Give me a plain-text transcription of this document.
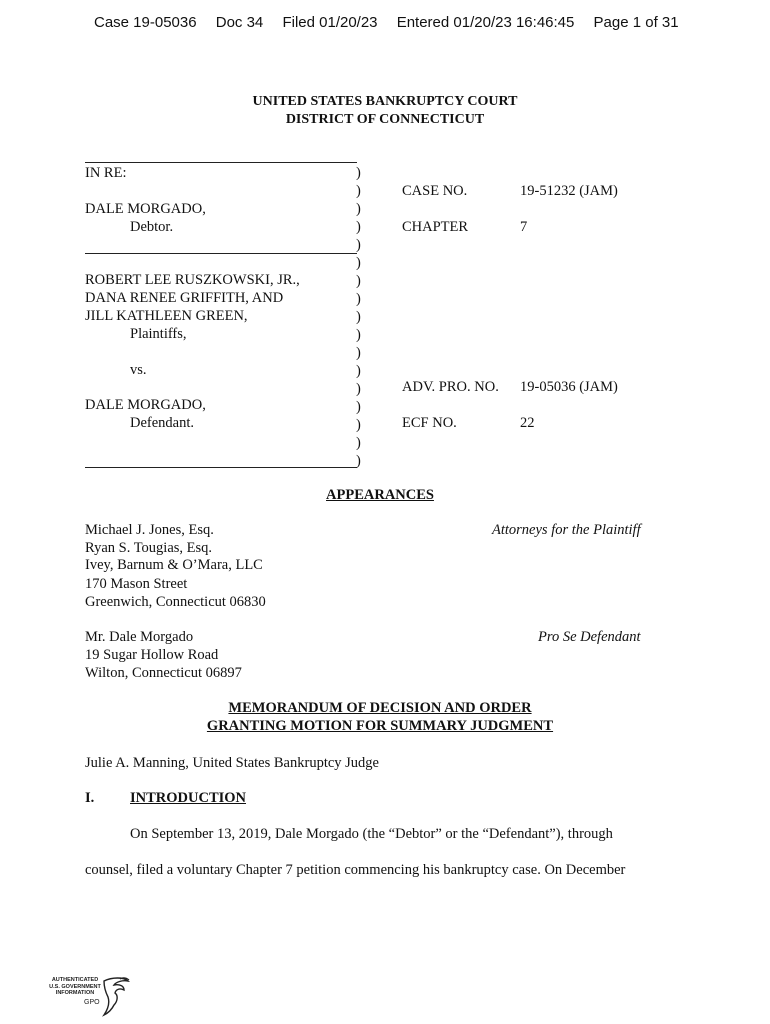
Case 19-05036 Doc 34 Filed 01/20/23 Entered 01/20/23 16:46:45 Page 1 of 31
UNITED STATES BANKRUPTCY COURT
DISTRICT OF CONNECTICUT
IN RE:
DALE MORGADO,
Debtor.
ROBERT LEE RUSZKOWSKI, JR.,
DANA RENEE GRIFFITH, AND
JILL KATHLEEN GREEN,
Plaintiffs,
vs.
DALE MORGADO,
Defendant.
)
)
)
)
)
)
)
)
)
)
)
)
)
)
)
)
)
CASE NO.	19-51232 (JAM)
CHAPTER	7
ADV. PRO. NO. 19-05036 (JAM)
ECF NO.	22
APPEARANCES
Michael J. Jones, Esq.
Ryan S. Tougias, Esq.
Ivey, Barnum & O’Mara, LLC
170 Mason Street
Greenwich, Connecticut 06830
Attorneys for the Plaintiff
Mr. Dale Morgado
19 Sugar Hollow Road
Wilton, Connecticut 06897
Pro Se Defendant
MEMORANDUM OF DECISION AND ORDER
GRANTING MOTION FOR SUMMARY JUDGMENT
Julie A. Manning, United States Bankruptcy Judge
I. INTRODUCTION
On September 13, 2019, Dale Morgado (the “Debtor” or the “Defendant”), through
counsel, filed a voluntary Chapter 7 petition commencing his bankruptcy case. On December
AUTHENTICATED
U.S. GOVERNMENT
INFORMATION
GPO
